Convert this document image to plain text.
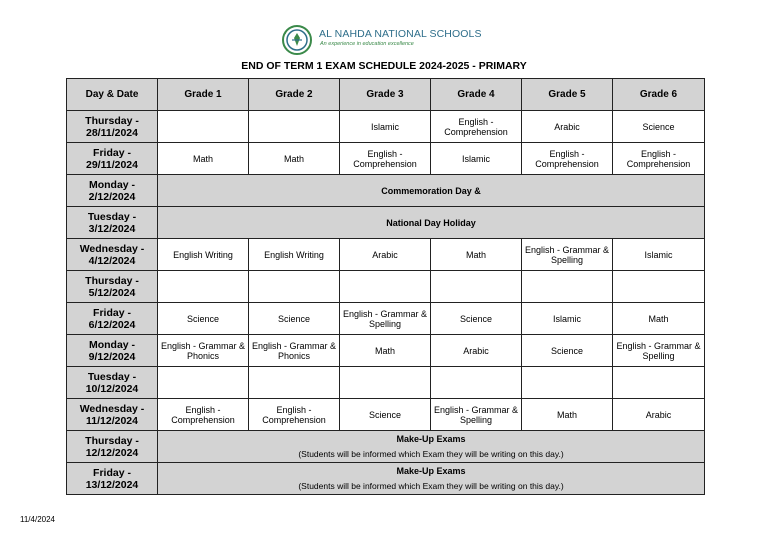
AL NAHDA NATIONAL SCHOOLS
An experience in education excellence
END OF TERM 1 EXAM SCHEDULE 2024-2025 - PRIMARY
Day & Date	Grade 1	Grade 2	Grade 3	Grade 4	Grade 5	Grade 6
Thursday -
28/11/2024			Islamic	English - Comprehension	Arabic	Science
Friday -
29/11/2024	Math	Math	English - Comprehension	Islamic	English - Comprehension	English - Comprehension
Monday -
2/12/2024	Commemoration Day &					
Tuesday -
3/12/2024	National Day Holiday					
Wednesday -
4/12/2024	English Writing	English Writing	Arabic	Math	English - Grammar & Spelling	Islamic
Thursday -
5/12/2024						
Friday -
6/12/2024	Science	Science	English - Grammar & Spelling	Science	Islamic	Math
Monday -
9/12/2024	English - Grammar & Phonics	English - Grammar & Phonics	Math	Arabic	Science	English - Grammar & Spelling
Tuesday -
10/12/2024						
Wednesday -
11/12/2024	English - Comprehension	English - Comprehension	Science	English - Grammar & Spelling	Math	Arabic
Thursday -
12/12/2024	Make-Up Exams
(Students will be informed which Exam they will be writing on this day.)					

Friday -
13/12/2024	Make-Up Exams
(Students will be informed which Exam they will be writing on this day.)					
11/4/2024
